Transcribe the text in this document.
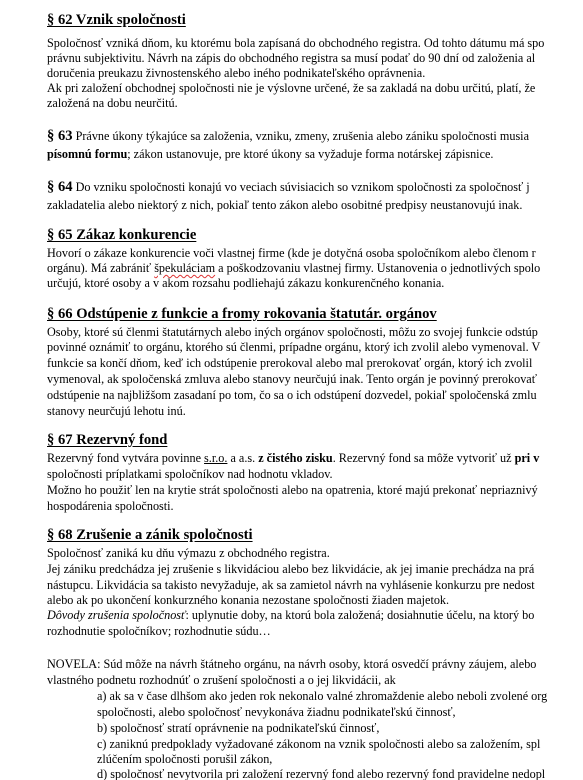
§ 62 Vznik spoločnosti
Spoločnosť vzniká dňom, ku ktorému bola zapísaná do obchodného registra. Od tohto dátumu má spo
právnu subjektivitu. Návrh na zápis do obchodného registra sa musí podať do 90 dní od založenia al
doručenia preukazu živnostenského alebo iného podnikateľského oprávnenia.
Ak pri založení obchodnej spoločnosti nie je výslovne určené, že sa zakladá na dobu určitú, platí, že
založená na dobu neurčitú.
§ 63 Právne úkony týkajúce sa založenia, vzniku, zmeny, zrušenia alebo zániku spoločnosti musia
písomnú formu; zákon ustanovuje, pre ktoré úkony sa vyžaduje forma notárskej zápisnice.
§ 64 Do vzniku spoločnosti konajú vo veciach súvisiacich so vznikom spoločnosti za spoločnosť j
zakladatelia alebo niektorý z nich, pokiaľ tento zákon alebo osobitné predpisy neustanovujú inak.
§ 65 Zákaz konkurencie
Hovorí o zákaze konkurencie voči vlastnej firme (kde je dotyčná osoba spoločníkom alebo členom r
orgánu). Má zabrániť špekuláciam a poškodzovaniu vlastnej firmy. Ustanovenia o jednotlivých spolo
určujú, ktoré osoby a v akom rozsahu podliehajú zákazu konkurenčného konania.
§ 66 Odstúpenie z funkcie a fromy rokovania štatutár. orgánov
Osoby, ktoré sú členmi štatutárnych alebo iných orgánov spoločnosti, môžu zo svojej funkcie odstúp
povinné oznámiť to orgánu, ktorého sú členmi, prípadne orgánu, ktorý ich zvolil alebo vymenoval. V
funkcie sa končí dňom, keď ich odstúpenie prerokoval alebo mal prerokovať orgán, ktorý ich zvolil
vymenoval, ak spoločenská zmluva alebo stanovy neurčujú inak. Tento orgán je povinný prerokovať
odstúpenie na najbližšom zasadaní po tom, čo sa o ich odstúpení dozvedel, pokiaľ spoločenská zmlu
stanovy neurčujú lehotu inú.
§ 67 Rezervný fond
Rezervný fond vytvára povinne s.r.o. a a.s. z čistého zisku. Rezervný fond sa môže vytvoriť už pri v
spoločnosti príplatkami spoločníkov nad hodnotu vkladov.
Možno ho použiť len na krytie strát spoločnosti alebo na opatrenia, ktoré majú prekonať nepriaznivý
hospodárenia spoločnosti.
§ 68 Zrušenie a zánik spoločnosti
Spoločnosť zaniká ku dňu výmazu z obchodného registra.
Jej zániku predchádza jej zrušenie s likvidáciou alebo bez likvidácie, ak jej imanie prechádza na prá
nástupcu. Likvidácia sa takisto nevyžaduje, ak sa zamietol návrh na vyhlásenie konkurzu pre nedost
alebo ak po ukončení konkurzného konania nezostane spoločnosti žiaden majetok.
Dôvody zrušenia spoločnosť: uplynutie doby, na ktorú bola založená; dosiahnutie účelu, na ktorý bo
rozhodnutie spoločníkov; rozhodnutie súdu…
NOVELA: Súd môže na návrh štátneho orgánu, na návrh osoby, ktorá osvedčí právny záujem, alebo
vlastného podnetu rozhodnúť o zrušení spoločnosti a o jej likvidácii, ak
a) ak sa v čase dlhšom ako jeden rok nekonalo valné zhromaždenie alebo neboli zvolené org
spoločnosti, alebo spoločnosť nevykonáva žiadnu podnikateľskú činnosť,
b) spoločnosť stratí oprávnenie na podnikateľskú činnosť,
c) zaniknú predpoklady vyžadované zákonom na vznik spoločnosti alebo sa založením, spl
zlúčením spoločnosti porušil zákon,
d) spoločnosť nevytvorila pri založení rezervný fond alebo rezervný fond pravidelne nedopl
